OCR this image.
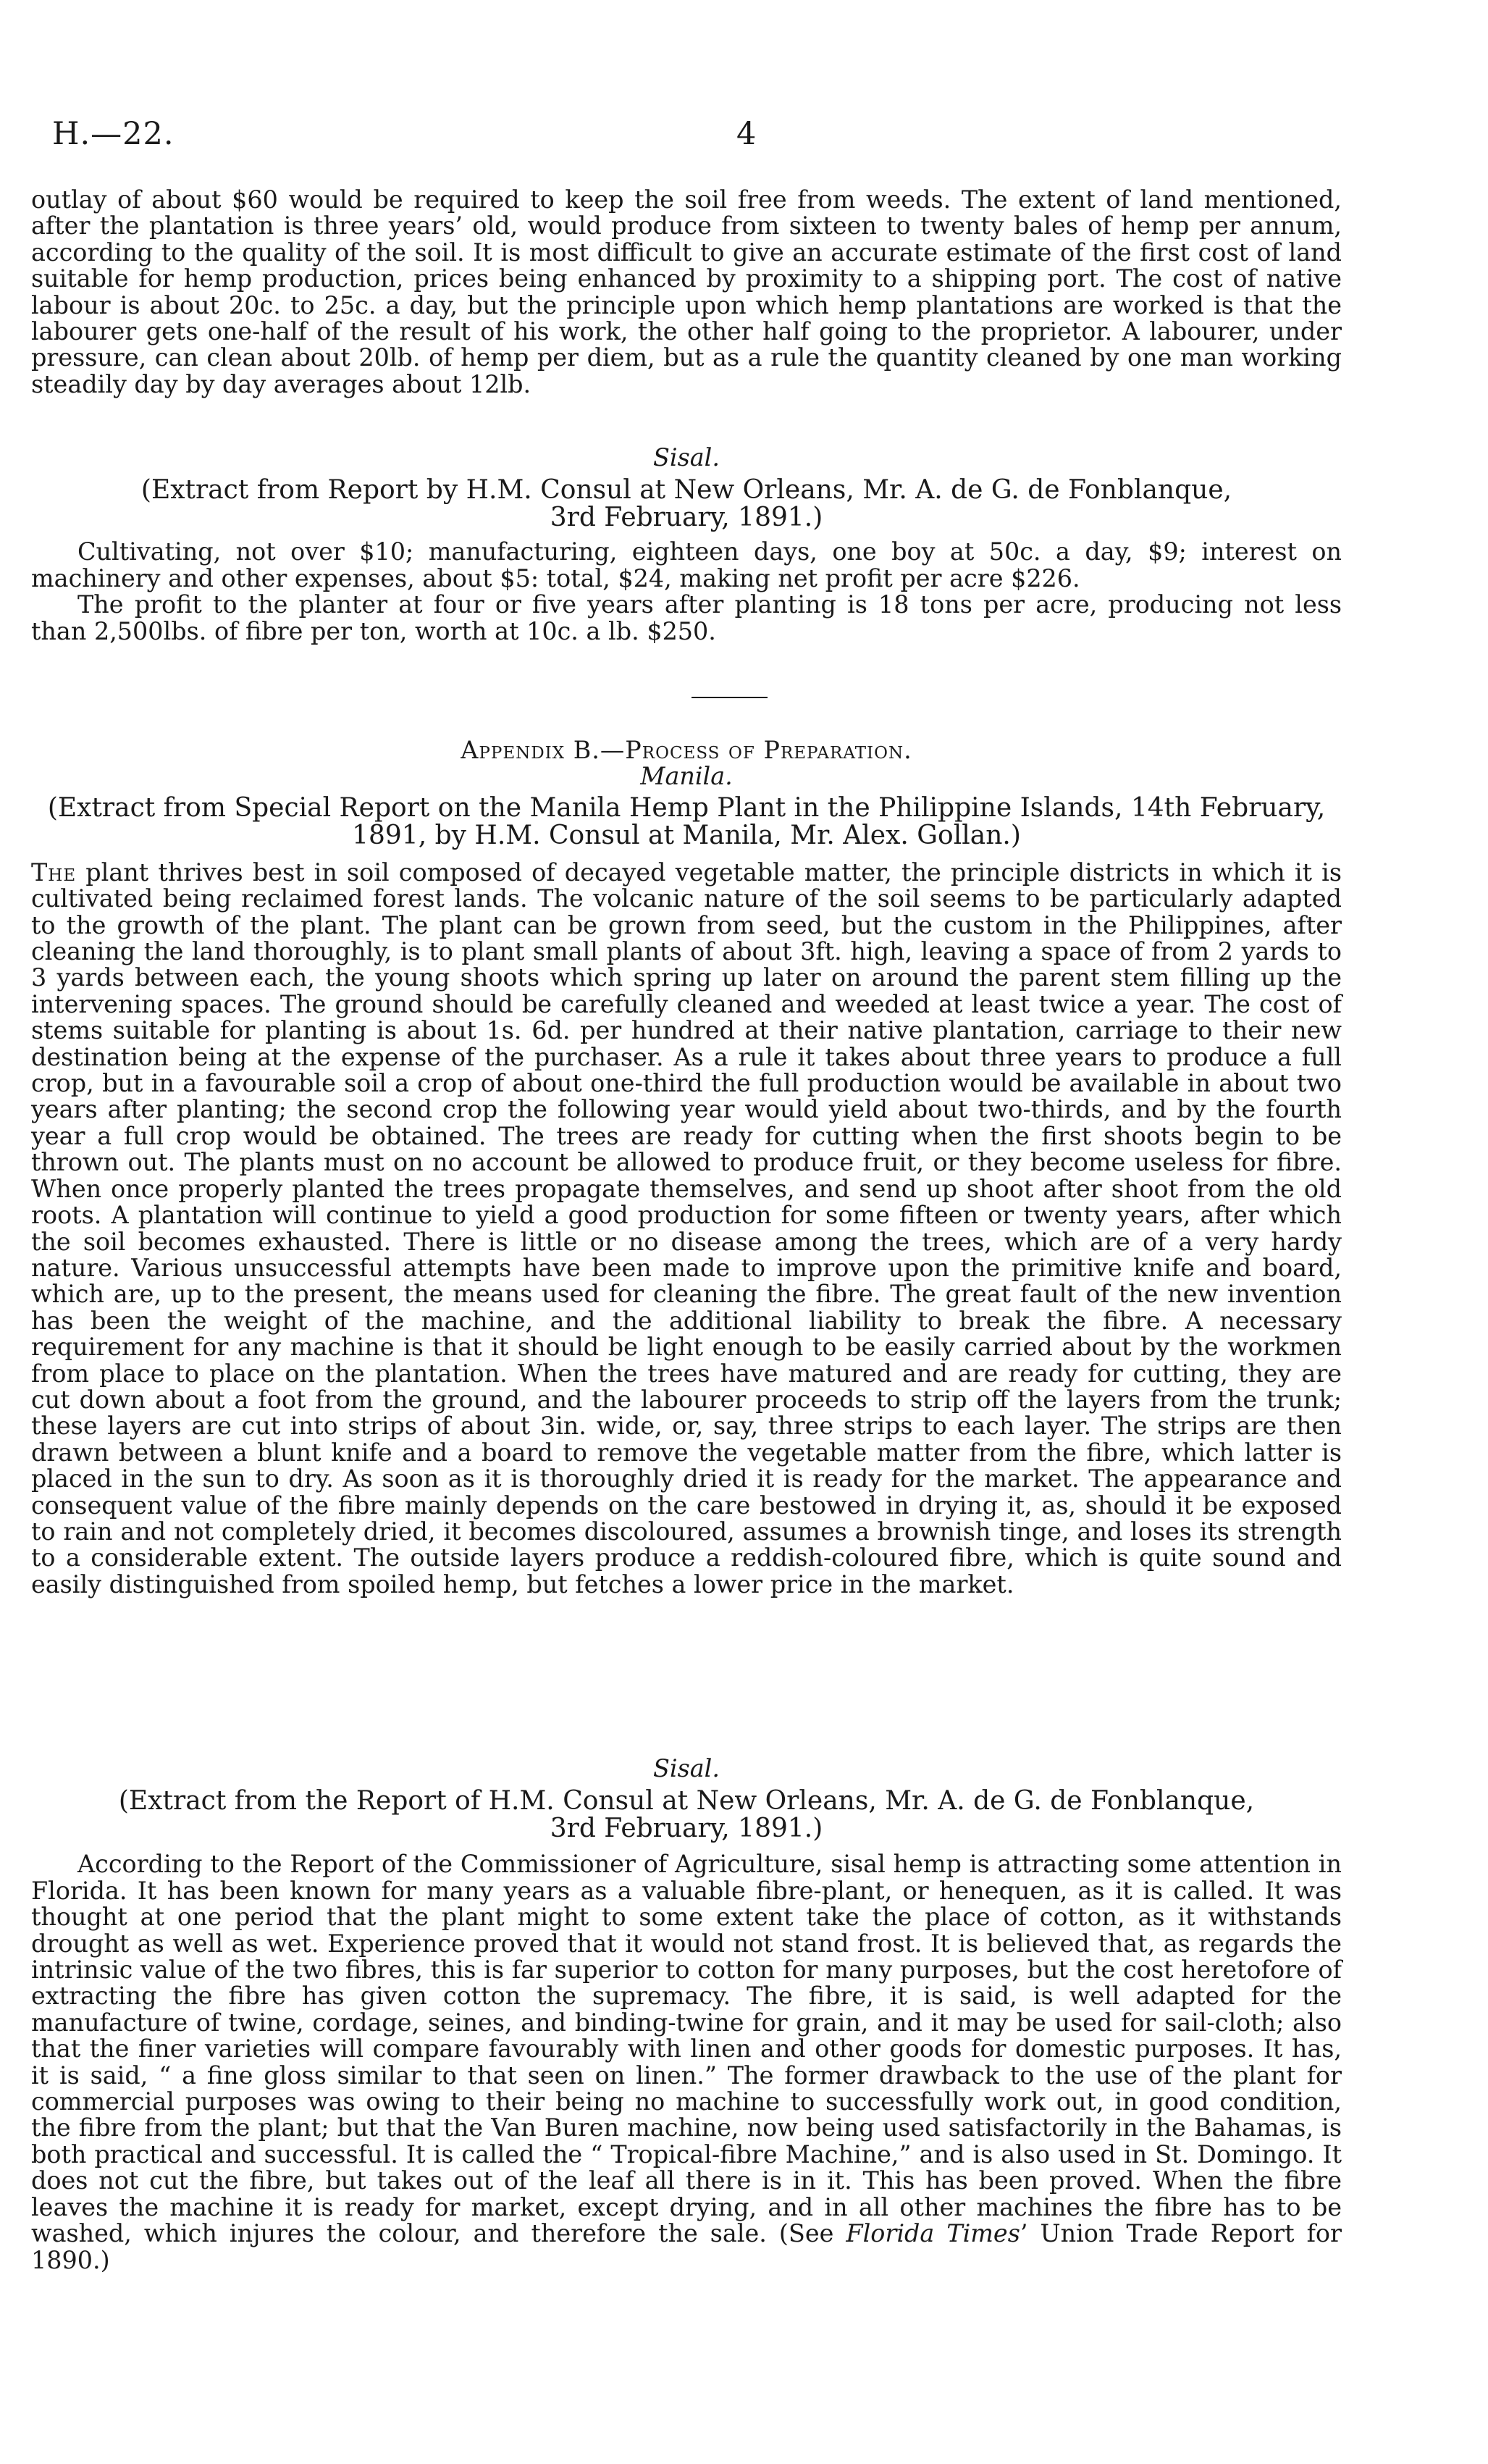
H.—22.	4

outlay of about $60 would be required to keep the soil free from weeds. The extent of land mentioned, after the plantation is three years’ old, would produce from sixteen to twenty bales of hemp per annum, according to the quality of the soil. It is most difficult to give an accurate estimate of the first cost of land suitable for hemp production, prices being enhanced by proximity to a shipping port. The cost of native labour is about 20c. to 25c. a day, but the principle upon which hemp plantations are worked is that the labourer gets one-half of the result of his work, the other half going to the proprietor. A labourer, under pressure, can clean about 20lb. of hemp per diem, but as a rule the quantity cleaned by one man working steadily day by day averages about 12lb.

Sisal.

(Extract from Report by H.M. Consul at New Orleans, Mr. A. de G. de Fonblanque,

3rd February, 1891.)

Cultivating, not over $10; manufacturing, eighteen days, one boy at 50c. a day, $9; interest on machinery and other expenses, about $5: total, $24, making net profit per acre $226.

The profit to the planter at four or five years after planting is 18 tons per acre, producing not less than 2,500lbs. of fibre per ton, worth at 10c. a lb. $250.

Appendix B.—Process of Preparation.

Manila.

(Extract from Special Report on the Manila Hemp Plant in the Philippine Islands, 14th February,

1891, by H.M. Consul at Manila, Mr. Alex. Gollan.)

The plant thrives best in soil composed of decayed vegetable matter, the principle districts in which it is cultivated being reclaimed forest lands. The volcanic nature of the soil seems to be particularly adapted to the growth of the plant. The plant can be grown from seed, but the custom in the Philippines, after cleaning the land thoroughly, is to plant small plants of about 3ft. high, leaving a space of from 2 yards to 3 yards between each, the young shoots which spring up later on around the parent stem filling up the intervening spaces. The ground should be carefully cleaned and weeded at least twice a year. The cost of stems suitable for planting is about 1s. 6d. per hundred at their native plantation, carriage to their new destination being at the expense of the purchaser. As a rule it takes about three years to produce a full crop, but in a favourable soil a crop of about one-third the full production would be available in about two years after planting; the second crop the following year would yield about two-thirds, and by the fourth year a full crop would be obtained. The trees are ready for cutting when the first shoots begin to be thrown out. The plants must on no account be allowed to produce fruit, or they become useless for fibre. When once properly planted the trees propagate themselves, and send up shoot after shoot from the old roots. A plantation will continue to yield a good production for some fifteen or twenty years, after which the soil becomes exhausted. There is little or no disease among the trees, which are of a very hardy nature. Various unsuccessful attempts have been made to improve upon the primitive knife and board, which are, up to the present, the means used for cleaning the fibre. The great fault of the new invention has been the weight of the machine, and the additional liability to break the fibre. A necessary requirement for any machine is that it should be light enough to be easily carried about by the workmen from place to place on the plantation. When the trees have matured and are ready for cutting, they are cut down about a foot from the ground, and the labourer proceeds to strip off the layers from the trunk; these layers are cut into strips of about 3in. wide, or, say, three strips to each layer. The strips are then drawn between a blunt knife and a board to remove the vegetable matter from the fibre, which latter is placed in the sun to dry. As soon as it is thoroughly dried it is ready for the market. The appearance and consequent value of the fibre mainly depends on the care bestowed in drying it, as, should it be exposed to rain and not completely dried, it becomes discoloured, assumes a brownish tinge, and loses its strength to a considerable extent. The outside layers produce a reddish-coloured fibre, which is quite sound and easily distinguished from spoiled hemp, but fetches a lower price in the market.

Sisal.

(Extract from the Report of H.M. Consul at New Orleans, Mr. A. de G. de Fonblanque,

3rd February, 1891.)

According to the Report of the Commissioner of Agriculture, sisal hemp is attracting some attention in Florida. It has been known for many years as a valuable fibre-plant, or henequen, as it is called. It was thought at one period that the plant might to some extent take the place of cotton, as it withstands drought as well as wet. Experience proved that it would not stand frost. It is believed that, as regards the intrinsic value of the two fibres, this is far superior to cotton for many purposes, but the cost heretofore of extracting the fibre has given cotton the supremacy. The fibre, it is said, is well adapted for the manufacture of twine, cordage, seines, and binding-twine for grain, and it may be used for sail-cloth; also that the finer varieties will compare favourably with linen and other goods for domestic purposes. It has, it is said, “ a fine gloss similar to that seen on linen.” The former drawback to the use of the plant for commercial purposes was owing to their being no machine to successfully work out, in good condition, the fibre from the plant; but that the Van Buren machine, now being used satisfactorily in the Bahamas, is both practical and successful. It is called the “ Tropical-fibre Machine,” and is also used in St. Domingo. It does not cut the fibre, but takes out of the leaf all there is in it. This has been proved. When the fibre leaves the machine it is ready for market, except drying, and in all other machines the fibre has to be washed, which injures the colour, and therefore the sale. (See Florida Times’ Union Trade Report for 1890.)
